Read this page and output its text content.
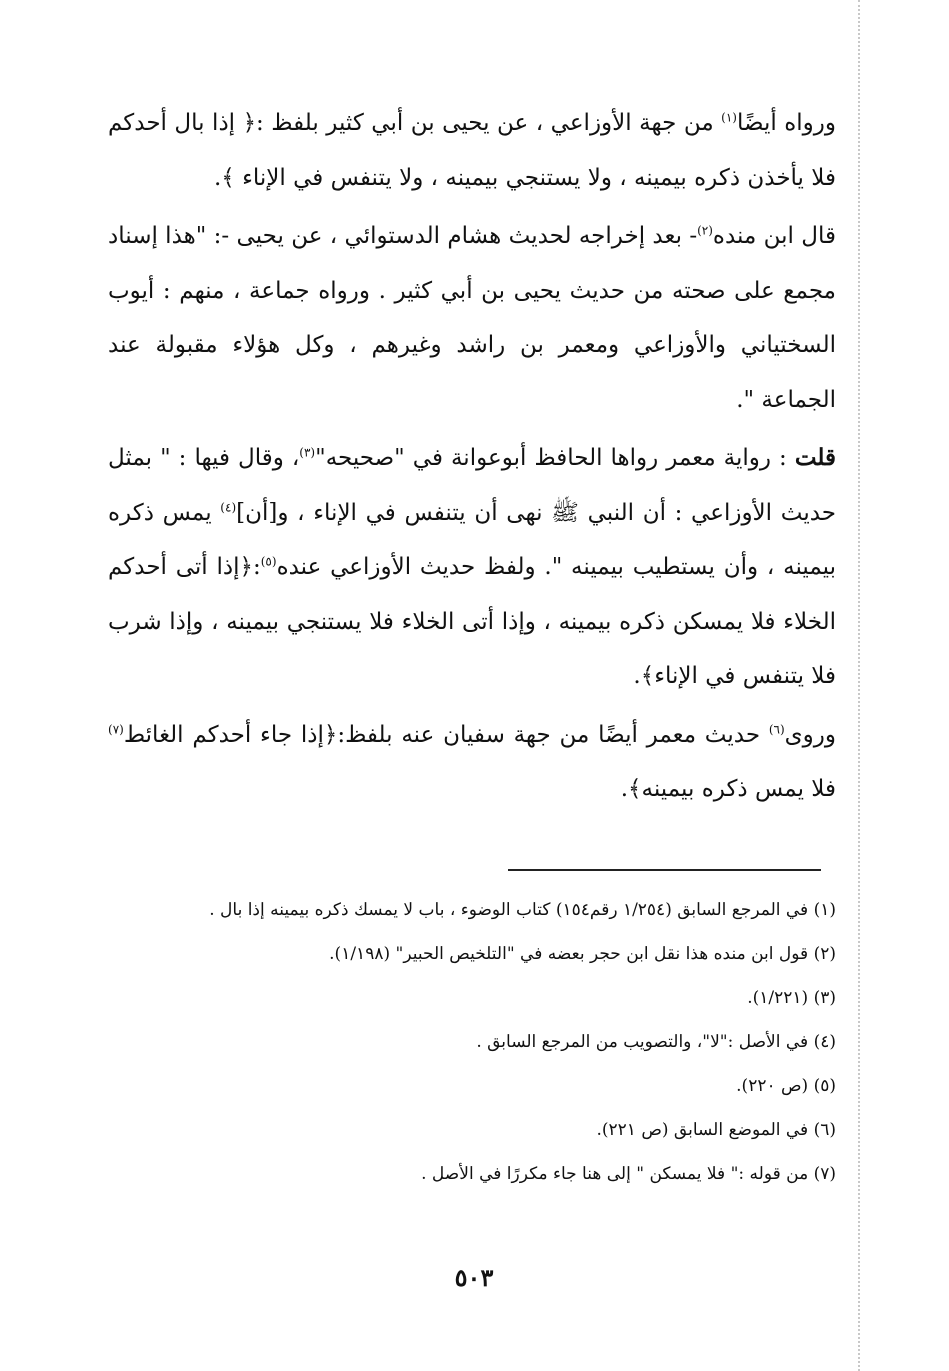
ورواه أيضًا$^{(١)}$ من جهة الأوزاعي ، عن يحيى بن أبي كثير بلفظ :﴿ إذا بال أحدكم فلا يأخذن ذكره بيمينه ، ولا يستنجي بيمينه ، ولا يتنفس في الإناء ﴾.

قال ابن منده$^{(٢)}$- بعد إخراجه لحديث هشام الدستوائي ، عن يحيى -: "هذا إسناد مجمع على صحته من حديث يحيى بن أبي كثير . ورواه جماعة ، منهم : أيوب السختياني والأوزاعي ومعمر بن راشد وغيرهم ، وكل هؤلاء مقبولة عند الجماعة ".

قلت : رواية معمر رواها الحافظ أبوعوانة في "صحيحه"$^{(٣)}$، وقال فيها : " بمثل حديث الأوزاعي : أن النبي ﷺ نهى أن يتنفس في الإناء ، و[أن]$^{(٤)}$ يمس ذكره بيمينه ، وأن يستطيب بيمينه ". ولفظ حديث الأوزاعي عنده$^{(٥)}$:﴿إذا أتى أحدكم الخلاء فلا يمسكن ذكره بيمينه ، وإذا أتى الخلاء فلا يستنجي بيمينه ، وإذا شرب فلا يتنفس في الإناء﴾.

وروى$^{(٦)}$ حديث معمر أيضًا من جهة سفيان عنه بلفظ:﴿إذا جاء أحدكم الغائط$^{(٧)}$ فلا يمس ذكره بيمينه﴾.

(١) في المرجع السابق (١/٢٥٤ رقم١٥٤) كتاب الوضوء ، باب لا يمسك ذكره بيمينه إذا بال .

(٢) قول ابن منده هذا نقل ابن حجر بعضه في "التلخيص الحبير" (١/١٩٨).

(٣) (١/٢٢١).

(٤) في الأصل :"لا"، والتصويب من المرجع السابق .

(٥) (ص ٢٢٠).

(٦) في الموضع السابق (ص ٢٢١).

(٧) من قوله :" فلا يمسكن " إلى هنا جاء مكررًا في الأصل .

٥٠٣
